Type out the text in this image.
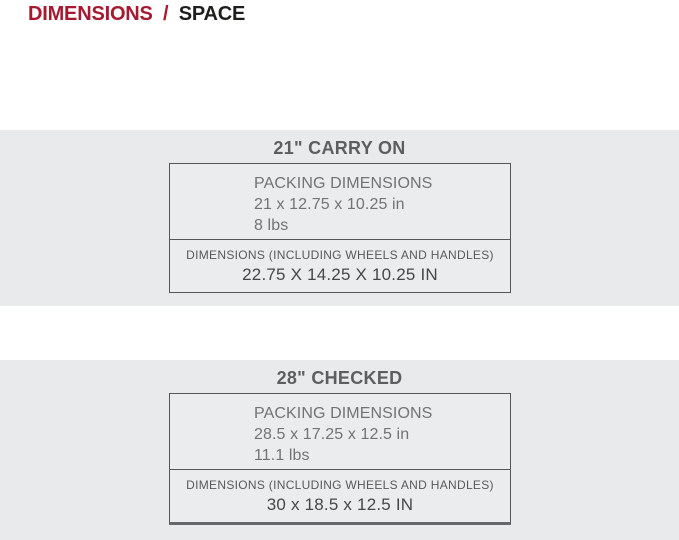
DIMENSIONS / SPACE
21" CARRY ON
PACKING DIMENSIONS
21 x 12.75 x 10.25 in
8 lbs
DIMENSIONS (INCLUDING WHEELS AND HANDLES)
22.75 X 14.25 X 10.25 IN
28" CHECKED
PACKING DIMENSIONS
28.5 x 17.25 x 12.5 in
11.1 lbs
DIMENSIONS (INCLUDING WHEELS AND HANDLES)
30 x 18.5 x 12.5 IN
